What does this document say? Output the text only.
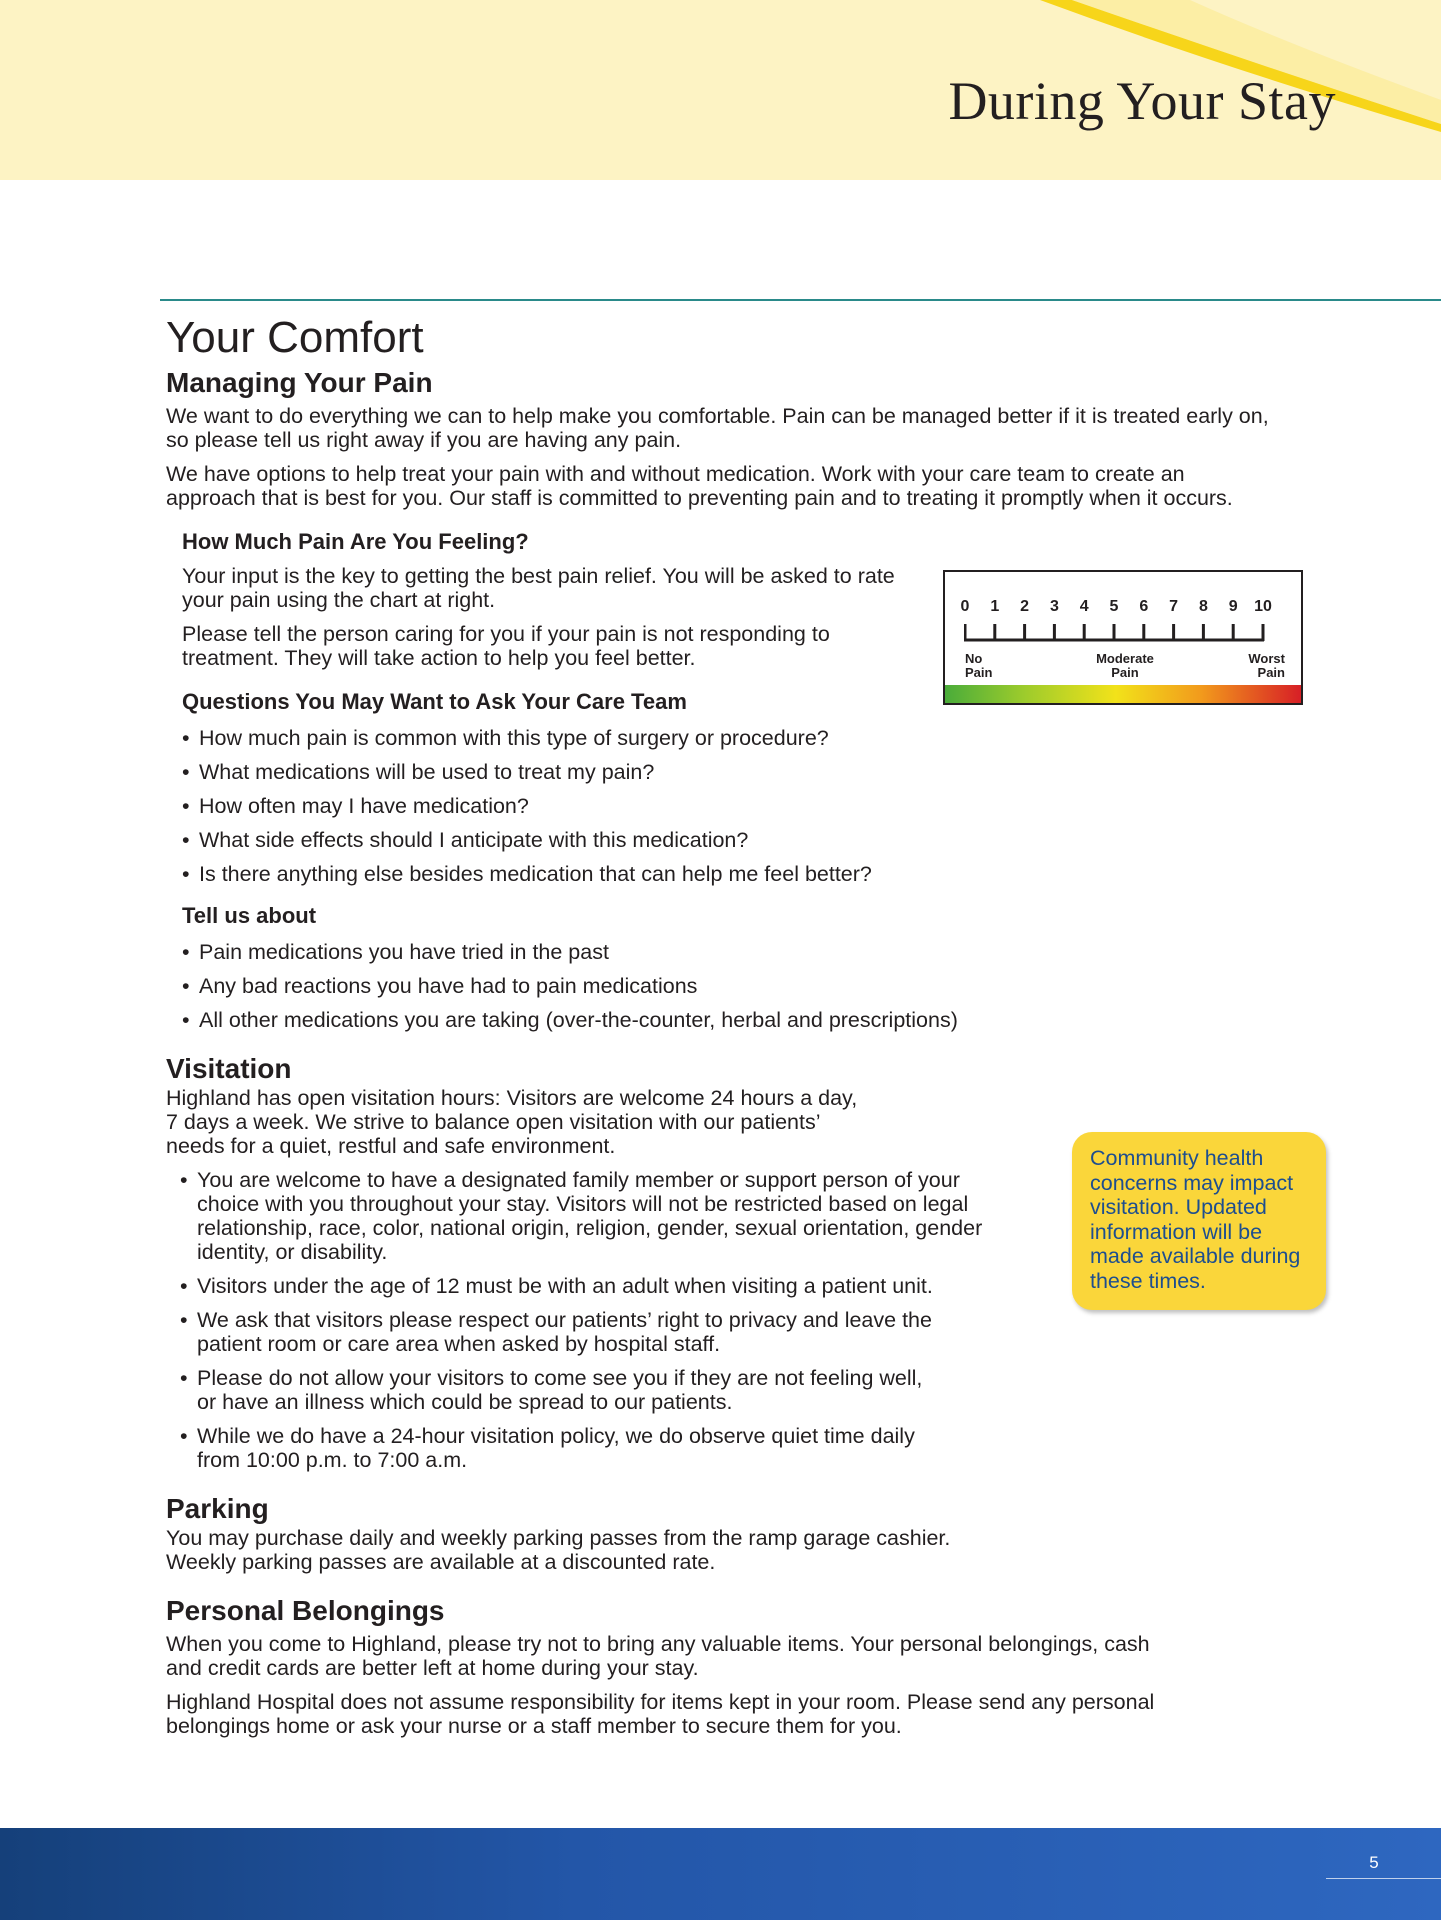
During Your Stay
Your Comfort
Managing Your Pain

We want to do everything we can to help make you comfortable. Pain can be managed better if it is treated early on, so please tell us right away if you are having any pain.

We have options to help treat your pain with and without medication. Work with your care team to create an approach that is best for you. Our staff is committed to preventing pain and to treating it promptly when it occurs.

How Much Pain Are You Feeling?

Your input is the key to getting the best pain relief. You will be asked to rate your pain using the chart at right.

Please tell the person caring for you if your pain is not responding to treatment. They will take action to help you feel better.

Questions You May Want to Ask Your Care Team
• How much pain is common with this type of surgery or procedure?
• What medications will be used to treat my pain?
• How often may I have medication?
• What side effects should I anticipate with this medication?
• Is there anything else besides medication that can help me feel better?
Tell us about
• Pain medications you have tried in the past
• Any bad reactions you have had to pain medications
• All other medications you are taking (over-the-counter, herbal and prescriptions)
Visitation

Highland has open visitation hours: Visitors are welcome 24 hours a day,
7 days a week. We strive to balance open visitation with our patients’
needs for a quiet, restful and safe environment.

• You are welcome to have a designated family member or support person of your
choice with you throughout your stay. Visitors will not be restricted based on legal
relationship, race, color, national origin, religion, gender, sexual orientation, gender
identity, or disability.
• Visitors under the age of 12 must be with an adult when visiting a patient unit.
• We ask that visitors please respect our patients’ right to privacy and leave the
patient room or care area when asked by hospital staff.
• Please do not allow your visitors to come see you if they are not feeling well,
or have an illness which could be spread to our patients.
• While we do have a 24-hour visitation policy, we do observe quiet time daily
from 10:00 p.m. to 7:00 a.m.
Parking

You may purchase daily and weekly parking passes from the ramp garage cashier.
Weekly parking passes are available at a discounted rate.

Personal Belongings

When you come to Highland, please try not to bring any valuable items. Your personal belongings, cash
and credit cards are better left at home during your stay.

Highland Hospital does not assume responsibility for items kept in your room. Please send any personal
belongings home or ask your nurse or a staff member to secure them for you.

0 1 2 3 4 5 6 7 8 9 10
No
Pain
Moderate
Pain
Worst
Pain

Community health
concerns may impact
visitation. Updated
information will be
made available during
these times.

5
